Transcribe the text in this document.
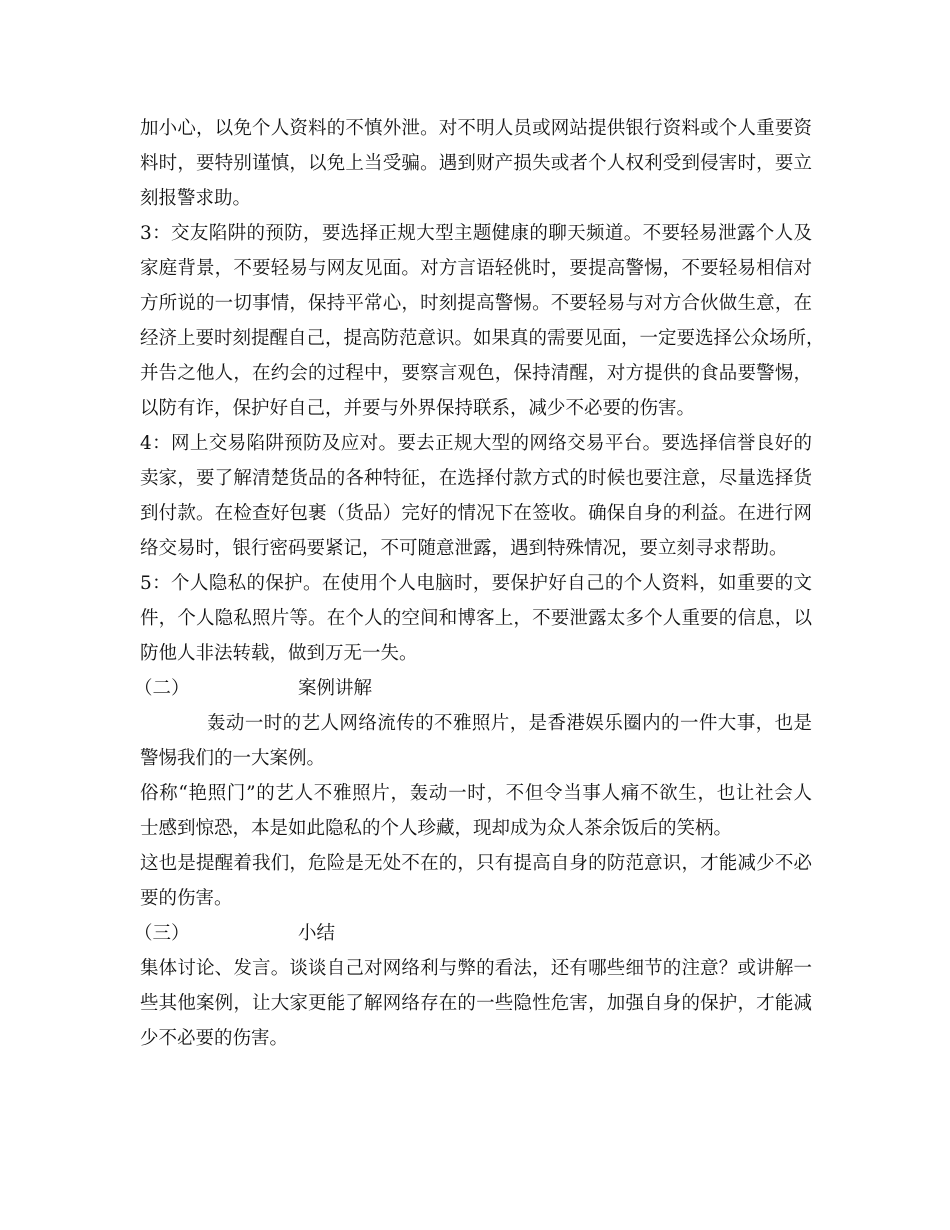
加小心，以免个人资料的不慎外泄。对不明人员或网站提供银行资料或个人重要资
料时，要特别谨慎，以免上当受骗。遇到财产损失或者个人权利受到侵害时，要立
刻报警求助。
3：交友陷阱的预防，要选择正规大型主题健康的聊天频道。不要轻易泄露个人及
家庭背景，不要轻易与网友见面。对方言语轻佻时，要提高警惕，不要轻易相信对
方所说的一切事情，保持平常心，时刻提高警惕。不要轻易与对方合伙做生意，在
经济上要时刻提醒自己，提高防范意识。如果真的需要见面，一定要选择公众场所，
并告之他人，在约会的过程中，要察言观色，保持清醒，对方提供的食品要警惕，
以防有诈，保护好自己，并要与外界保持联系，减少不必要的伤害。
4：网上交易陷阱预防及应对。要去正规大型的网络交易平台。要选择信誉良好的
卖家，要了解清楚货品的各种特征，在选择付款方式的时候也要注意，尽量选择货
到付款。在检查好包裹（货品）完好的情况下在签收。确保自身的利益。在进行网
络交易时，银行密码要紧记，不可随意泄露，遇到特殊情况，要立刻寻求帮助。
5：个人隐私的保护。在使用个人电脑时，要保护好自己的个人资料，如重要的文
件，个人隐私照片等。在个人的空间和博客上，不要泄露太多个人重要的信息，以
防他人非法转载，做到万无一失。
（二）	案例讲解
轰动一时的艺人网络流传的不雅照片，是香港娱乐圈内的一件大事，也是
警惕我们的一大案例。
俗称“艳照门”的艺人不雅照片，轰动一时，不但令当事人痛不欲生，也让社会人
士感到惊恐，本是如此隐私的个人珍藏，现却成为众人茶余饭后的笑柄。
这也是提醒着我们，危险是无处不在的，只有提高自身的防范意识，才能减少不必
要的伤害。
（三）	小结
集体讨论、发言。谈谈自己对网络利与弊的看法，还有哪些细节的注意？或讲解一
些其他案例，让大家更能了解网络存在的一些隐性危害，加强自身的保护，才能减
少不必要的伤害。
